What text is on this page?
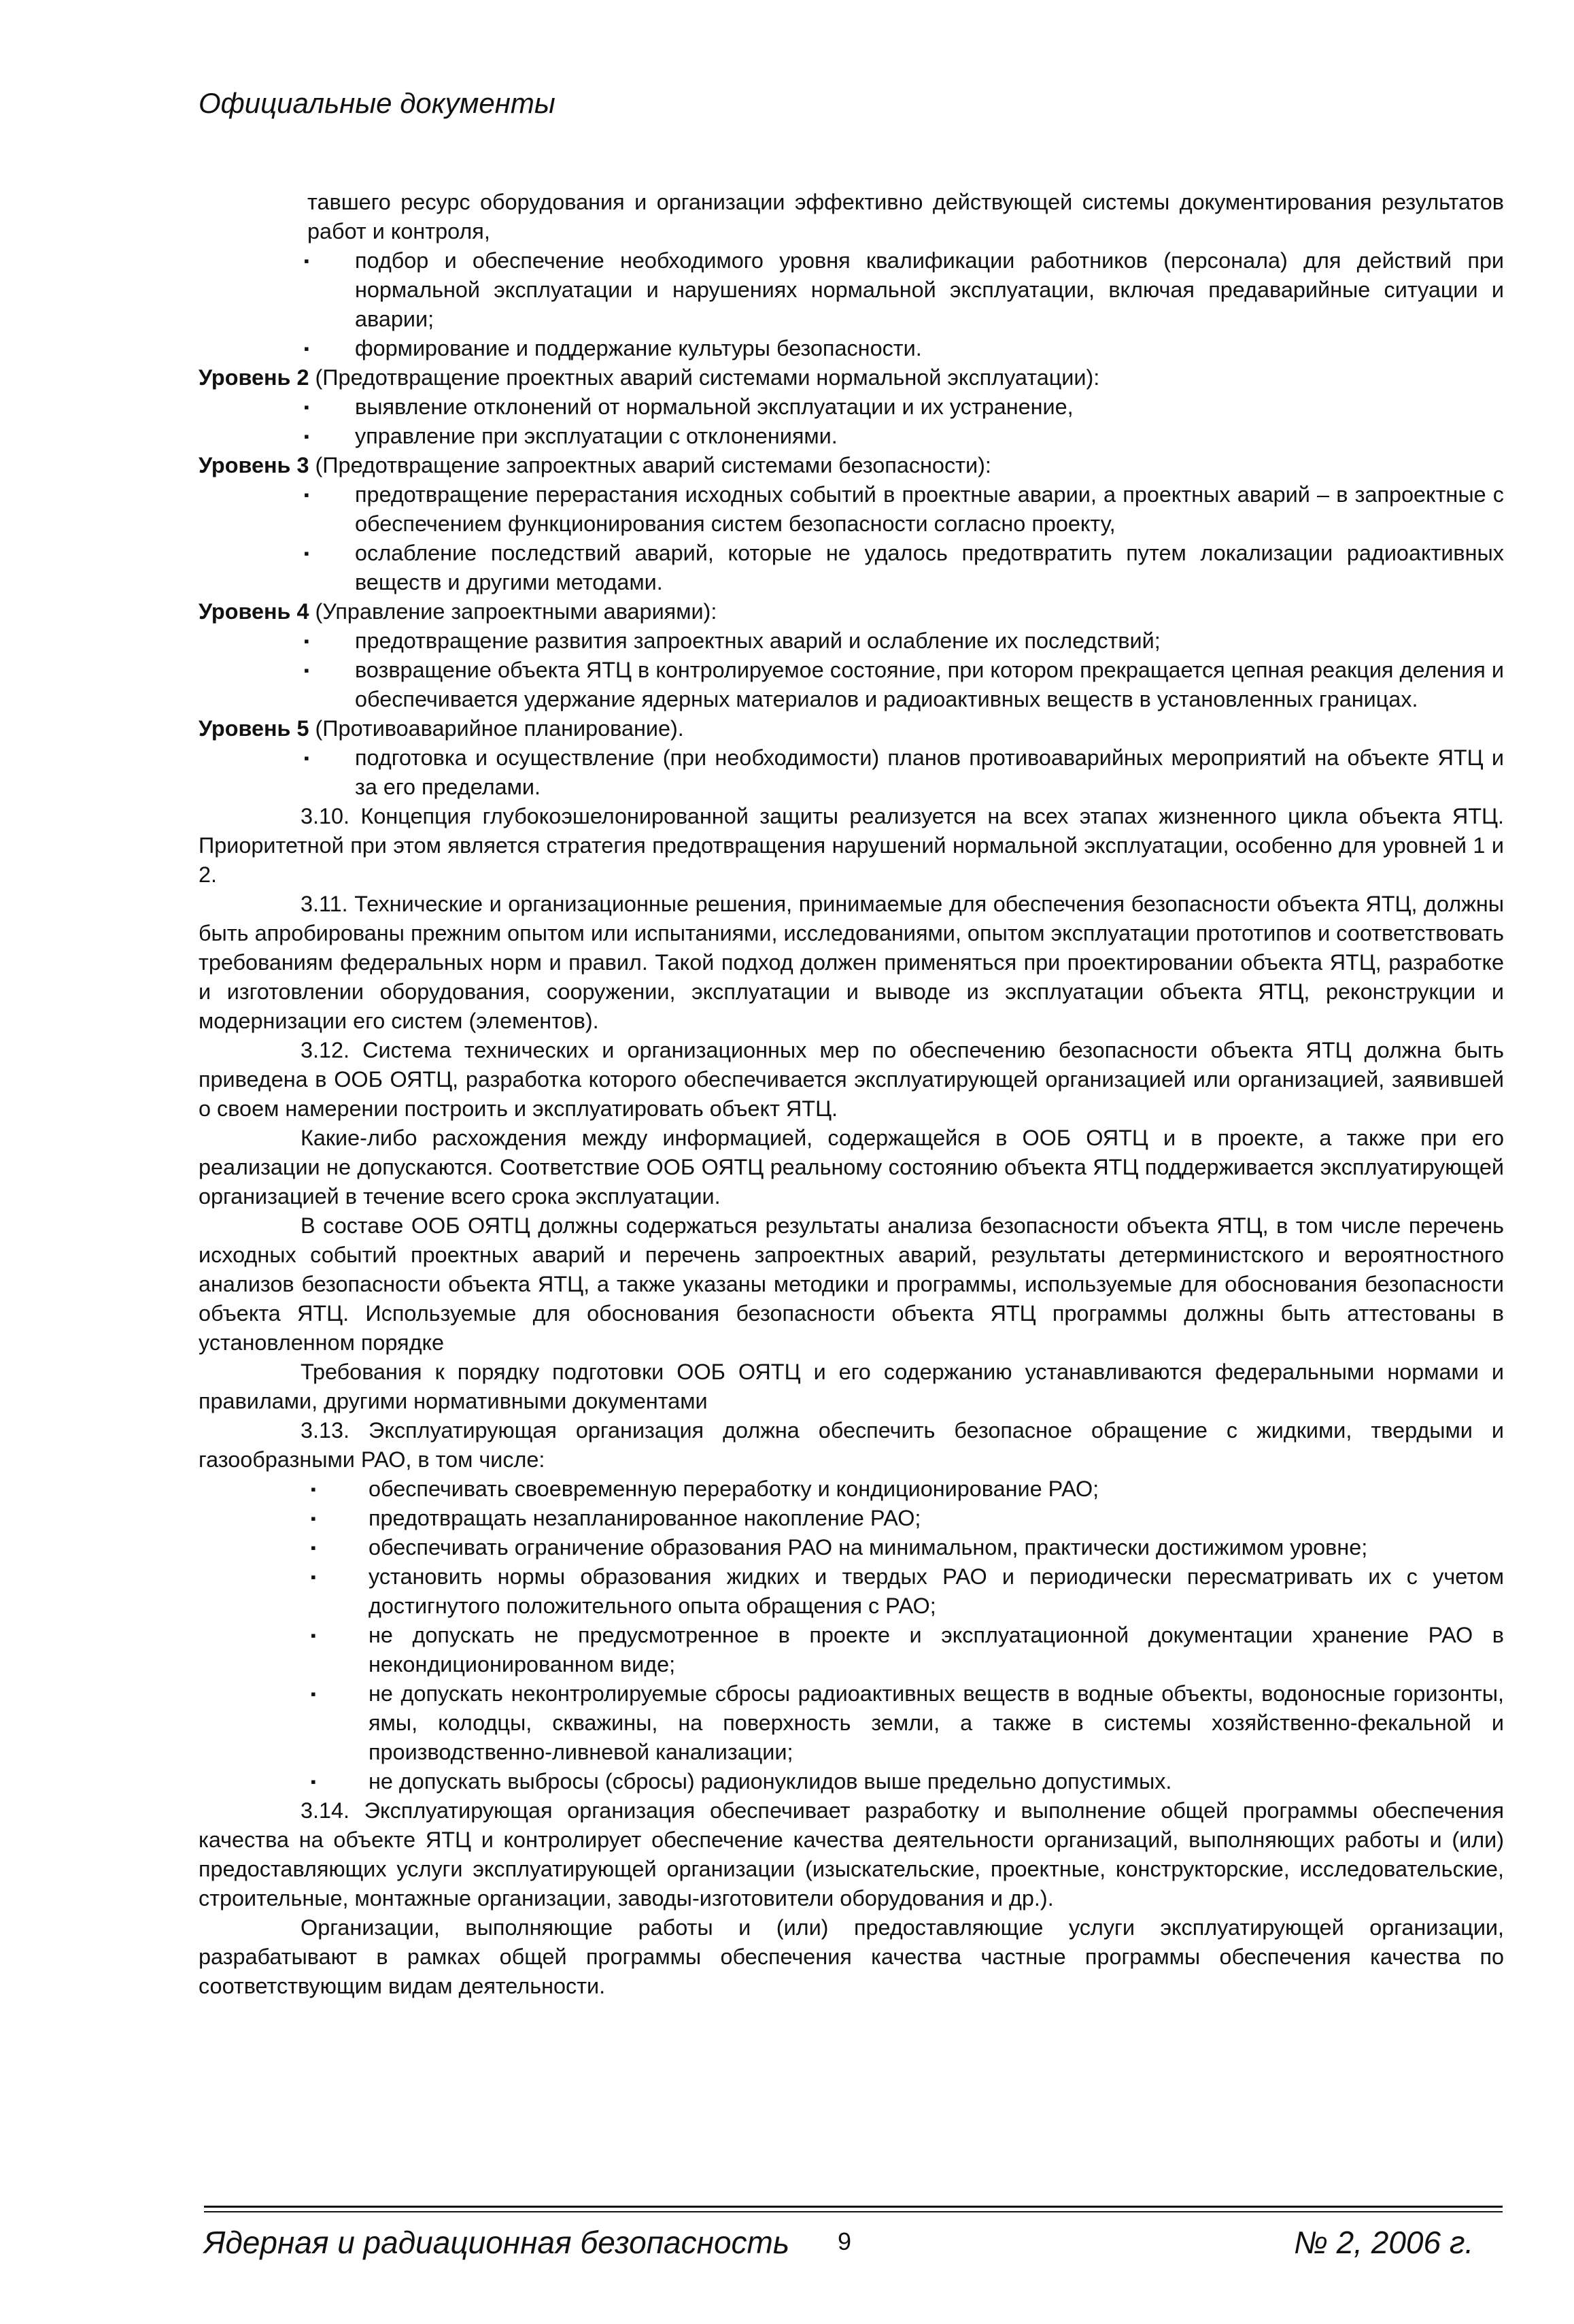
Официальные документы

тавшего ресурс оборудования и организации эффективно действующей системы документирования результатов работ и контроля,

▪ подбор и обеспечение необходимого уровня квалификации работников (персонала) для действий при нормальной эксплуатации и нарушениях нормальной эксплуатации, включая предаварийные ситуации и аварии;

▪ формирование и поддержание культуры безопасности.

Уровень 2 (Предотвращение проектных аварий системами нормальной эксплуатации):

▪ выявление отклонений от нормальной эксплуатации и их устранение,

▪ управление при эксплуатации с отклонениями.

Уровень 3 (Предотвращение запроектных аварий системами безопасности):

▪ предотвращение перерастания исходных событий в проектные аварии, а проектных аварий – в запроектные с обеспечением функционирования систем безопасности согласно проекту,

▪ ослабление последствий аварий, которые не удалось предотвратить путем локализации радиоактивных веществ и другими методами.

Уровень 4 (Управление запроектными авариями):

▪ предотвращение развития запроектных аварий и ослабление их последствий;

▪ возвращение объекта ЯТЦ в контролируемое состояние, при котором прекращается цепная реакция деления и обеспечивается удержание ядерных материалов и радиоактивных веществ в установленных границах.

Уровень 5 (Противоаварийное планирование).

▪ подготовка и осуществление (при необходимости) планов противоаварийных мероприятий на объекте ЯТЦ и за его пределами.

3.10. Концепция глубокоэшелонированной защиты реализуется на всех этапах жизненного цикла объекта ЯТЦ. Приоритетной при этом является стратегия предотвращения нарушений нормальной эксплуатации, особенно для уровней 1 и 2.

3.11. Технические и организационные решения, принимаемые для обеспечения безопасности объекта ЯТЦ, должны быть апробированы прежним опытом или испытаниями, исследованиями, опытом эксплуатации прототипов и соответствовать требованиям федеральных норм и правил. Такой подход должен применяться при проектировании объекта ЯТЦ, разработке и изготовлении оборудования, сооружении, эксплуатации и выводе из эксплуатации объекта ЯТЦ, реконструкции и модернизации его систем (элементов).

3.12. Система технических и организационных мер по обеспечению безопасности объекта ЯТЦ должна быть приведена в ООБ ОЯТЦ, разработка которого обеспечивается эксплуатирующей организацией или организацией, заявившей о своем намерении построить и эксплуатировать объект ЯТЦ.

Какие-либо расхождения между информацией, содержащейся в ООБ ОЯТЦ и в проекте, а также при его реализации не допускаются. Соответствие ООБ ОЯТЦ реальному состоянию объекта ЯТЦ поддерживается эксплуатирующей организацией в течение всего срока эксплуатации.

В составе ООБ ОЯТЦ должны содержаться результаты анализа безопасности объекта ЯТЦ, в том числе перечень исходных событий проектных аварий и перечень запроектных аварий, результаты детерминистского и вероятностного анализов безопасности объекта ЯТЦ, а также указаны методики и программы, используемые для обоснования безопасности объекта ЯТЦ. Используемые для обоснования безопасности объекта ЯТЦ программы должны быть аттестованы в установленном порядке

Требования к порядку подготовки ООБ ОЯТЦ и его содержанию устанавливаются федеральными нормами и правилами, другими нормативными документами

3.13. Эксплуатирующая организация должна обеспечить безопасное обращение с жидкими, твердыми и газообразными РАО, в том числе:

▪ обеспечивать своевременную переработку и кондиционирование РАО;

▪ предотвращать незапланированное накопление РАО;

▪ обеспечивать ограничение образования РАО на минимальном, практически достижимом уровне;

▪ установить нормы образования жидких и твердых РАО и периодически пересматривать их с учетом достигнутого положительного опыта обращения с РАО;

▪ не допускать не предусмотренное в проекте и эксплуатационной документации хранение РАО в некондиционированном виде;

▪ не допускать неконтролируемые сбросы радиоактивных веществ в водные объекты, водоносные горизонты, ямы, колодцы, скважины, на поверхность земли, а также в системы хозяйственно-фекальной и производственно-ливневой канализации;

▪ не допускать выбросы (сбросы) радионуклидов выше предельно допустимых.

3.14. Эксплуатирующая организация обеспечивает разработку и выполнение общей программы обеспечения качества на объекте ЯТЦ и контролирует обеспечение качества деятельности организаций, выполняющих работы и (или) предоставляющих услуги эксплуатирующей организации (изыскательские, проектные, конструкторские, исследовательские, строительные, монтажные организации, заводы-изготовители оборудования и др.).

Организации, выполняющие работы и (или) предоставляющие услуги эксплуатирующей организации, разрабатывают в рамках общей программы обеспечения качества частные программы обеспечения качества по соответствующим видам деятельности.

Ядерная и радиационная безопасность 9	№ 2, 2006 г.
